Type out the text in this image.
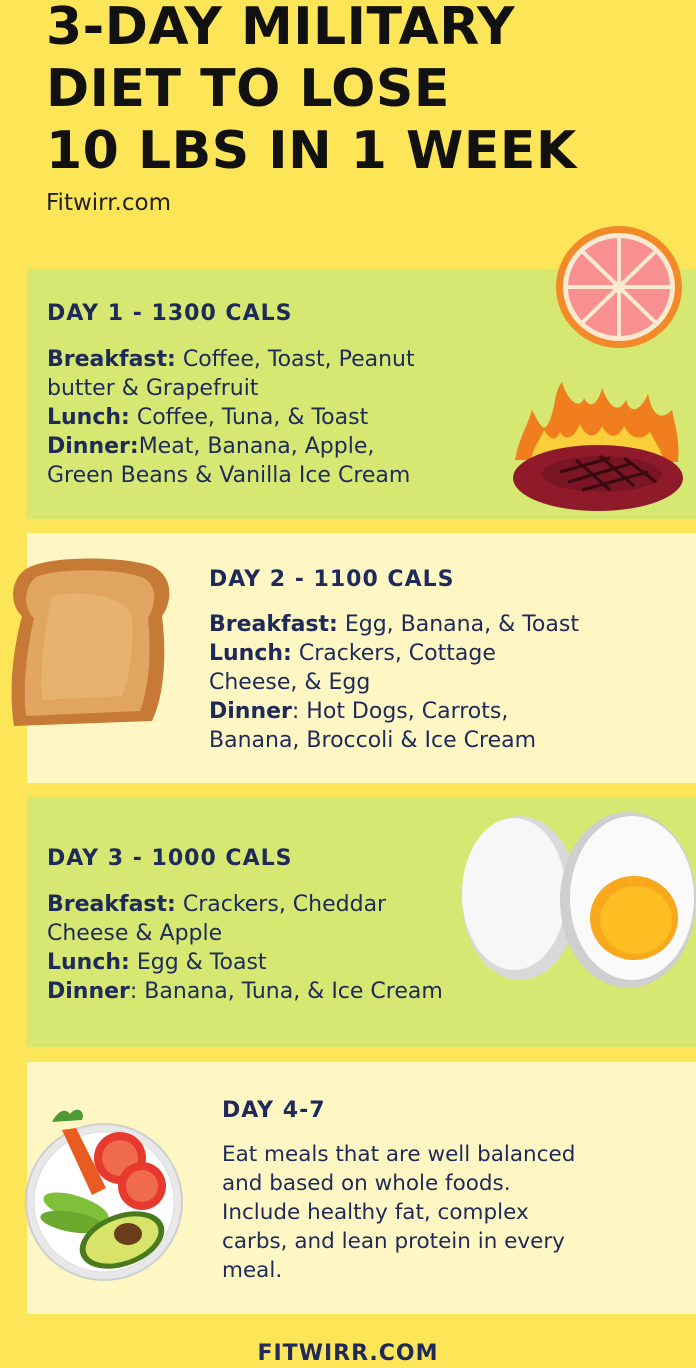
3-DAY MILITARY
DIET TO LOSE
10 LBS IN 1 WEEK
Fitwirr.com
DAY 1 - 1300 CALS
Breakfast: Coffee, Toast, Peanut
butter & Grapefruit
Lunch: Coffee, Tuna, & Toast
Dinner:Meat, Banana, Apple,
Green Beans & Vanilla Ice Cream
DAY 2 - 1100 CALS
Breakfast: Egg, Banana, & Toast
Lunch: Crackers, Cottage
Cheese, & Egg
Dinner: Hot Dogs, Carrots,
Banana, Broccoli & Ice Cream
DAY 3 - 1000 CALS
Breakfast: Crackers, Cheddar
Cheese & Apple
Lunch: Egg & Toast
Dinner: Banana, Tuna, & Ice Cream
DAY 4-7
Eat meals that are well balanced
and based on whole foods.
Include healthy fat, complex
carbs, and lean protein in every
meal.
FITWIRR.COM
